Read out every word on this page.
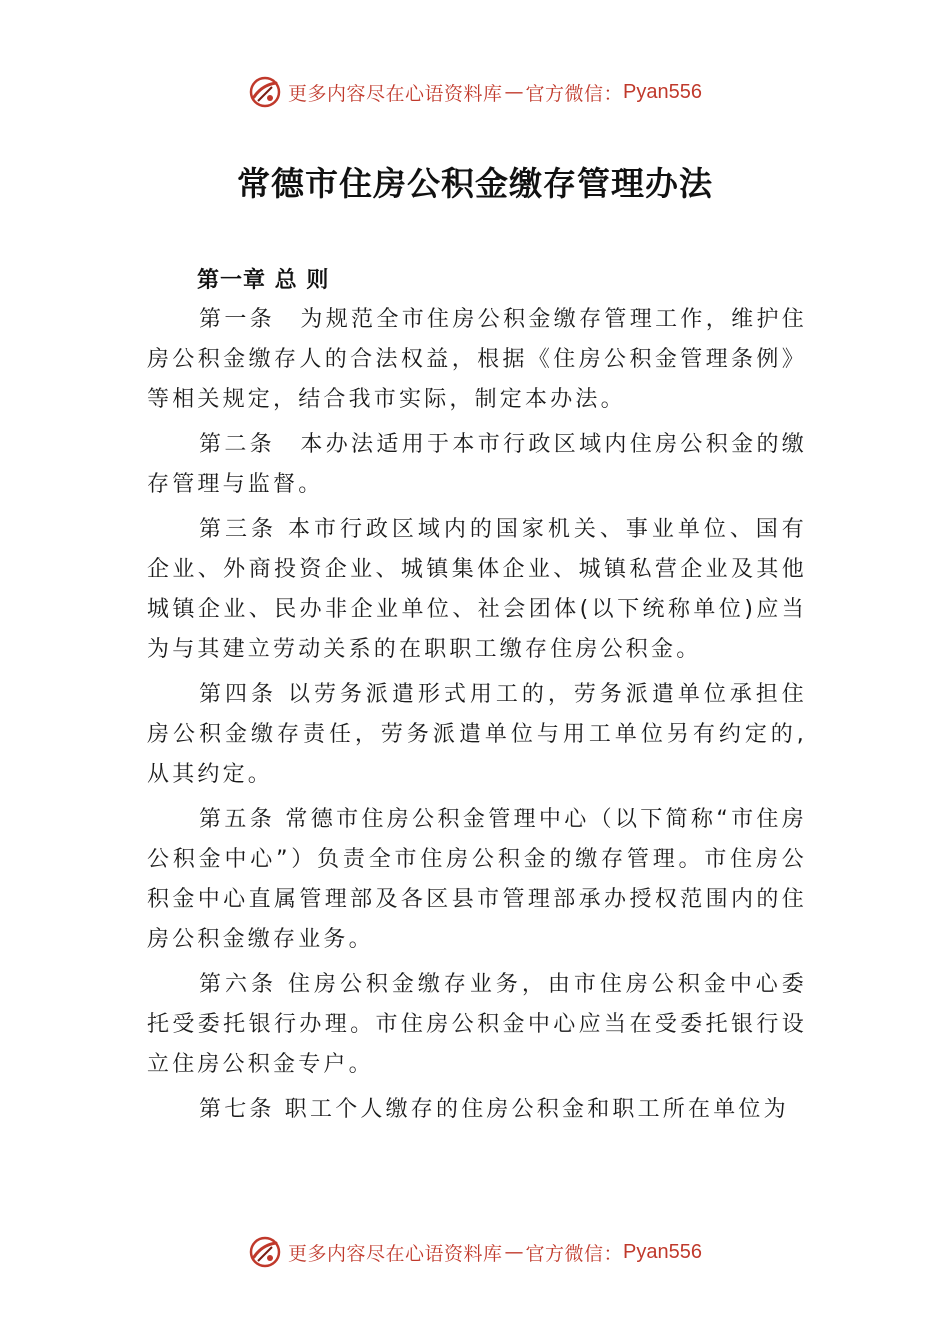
更多内容尽在心语资料库 — 官方微信： Pyan556
常德市住房公积金缴存管理办法
第一章 总 则

第一条　为规范全市住房公积金缴存管理工作，维护住房公积金缴存人的合法权益，根据《住房公积金管理条例》等相关规定，结合我市实际，制定本办法。

第二条　本办法适用于本市行政区域内住房公积金的缴存管理与监督。

第三条 本市行政区域内的国家机关、事业单位、国有企业、外商投资企业、城镇集体企业、城镇私营企业及其他城镇企业、民办非企业单位、社会团体(以下统称单位)应当为与其建立劳动关系的在职职工缴存住房公积金。

第四条 以劳务派遣形式用工的，劳务派遣单位承担住房公积金缴存责任，劳务派遣单位与用工单位另有约定的,从其约定。

第五条 常德市住房公积金管理中心（以下简称“市住房公积金中心”）负责全市住房公积金的缴存管理。市住房公积金中心直属管理部及各区县市管理部承办授权范围内的住房公积金缴存业务。

第六条 住房公积金缴存业务，由市住房公积金中心委托受委托银行办理。市住房公积金中心应当在受委托银行设立住房公积金专户。

第七条 职工个人缴存的住房公积金和职工所在单位为

更多内容尽在心语资料库 — 官方微信： Pyan556
